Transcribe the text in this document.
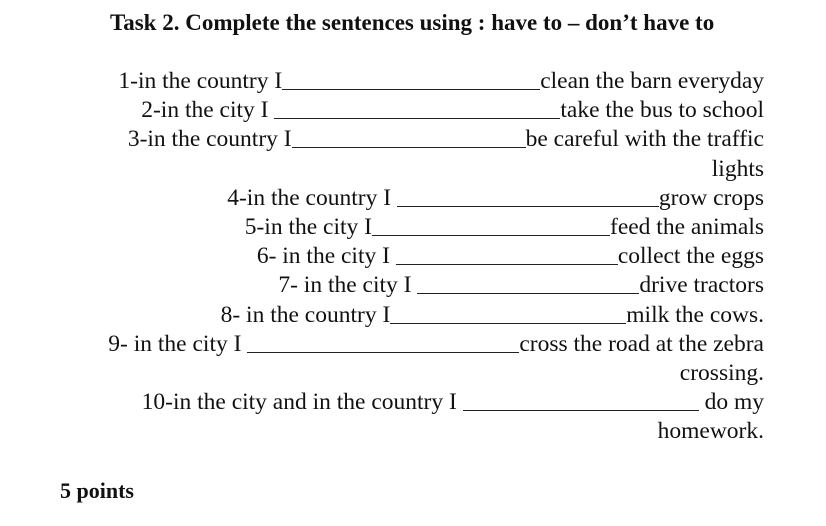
Task 2. Complete the sentences using : have to – don’t have to
1-in the country I	clean the barn everyday
2-in the city I	take the bus to school
3-in the country I	be careful with the traffic
lights
4-in the country I	grow crops
5-in the city I	feed the animals
6- in the city I	collect the eggs
7- in the city I	drive tractors
8- in the country I	milk the cows.
9- in the city I	cross the road at the zebra
crossing.
10-in the city and in the country I	do my
homework.
5 points
